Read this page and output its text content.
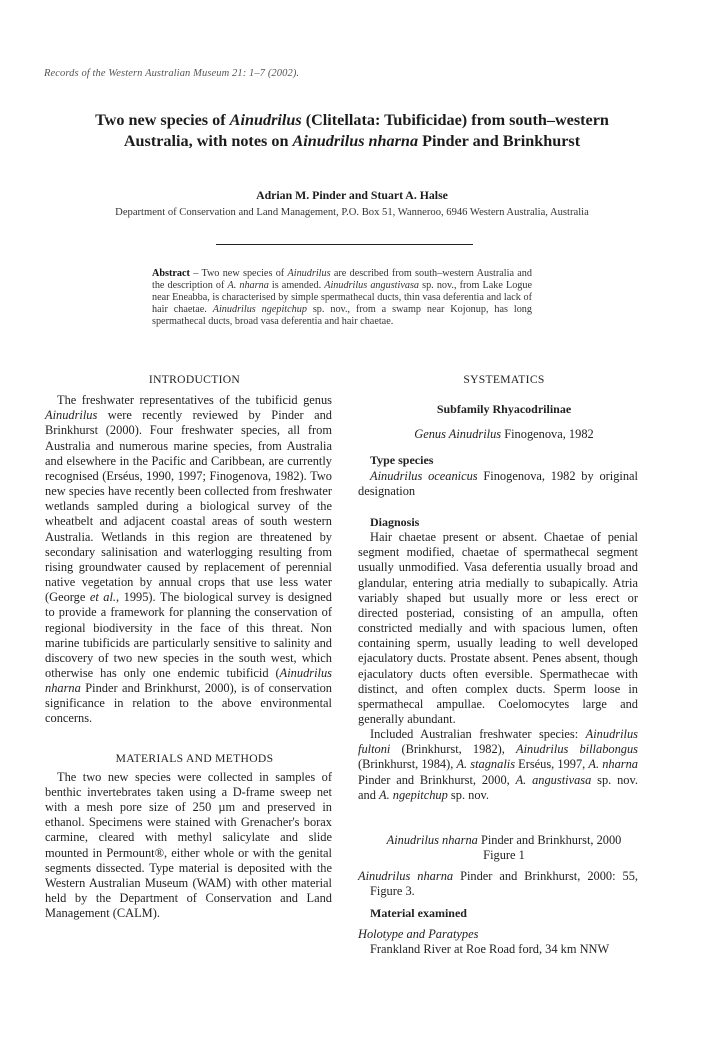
Records of the Western Australian Museum 21: 1–7 (2002).
Two new species of Ainudrilus (Clitellata: Tubificidae) from south–western
Australia, with notes on Ainudrilus nharna Pinder and Brinkhurst
Adrian M. Pinder and Stuart A. Halse
Department of Conservation and Land Management, P.O. Box 51, Wanneroo, 6946 Western Australia, Australia
Abstract – Two new species of Ainudrilus are described from south–western Australia and the description of A. nharna is amended. Ainudrilus angustivasa sp. nov., from Lake Logue near Eneabba, is characterised by simple spermathecal ducts, thin vasa deferentia and lack of hair chaetae. Ainudrilus ngepitchup sp. nov., from a swamp near Kojonup, has long spermathecal ducts, broad vasa deferentia and hair chaetae.

INTRODUCTION

The freshwater representatives of the tubificid genus Ainudrilus were recently reviewed by Pinder and Brinkhurst (2000). Four freshwater species, all from Australia and numerous marine species, from Australia and elsewhere in the Pacific and Caribbean, are currently recognised (Erséus, 1990, 1997; Finogenova, 1982). Two new species have recently been collected from freshwater wetlands sampled during a biological survey of the wheatbelt and adjacent coastal areas of south western Australia. Wetlands in this region are threatened by secondary salinisation and waterlogging resulting from rising groundwater caused by replacement of perennial native vegetation by annual crops that use less water (George et al., 1995). The biological survey is designed to provide a framework for planning the conservation of regional biodiversity in the face of this threat. Non marine tubificids are particularly sensitive to salinity and discovery of two new species in the south west, which otherwise has only one endemic tubificid (Ainudrilus nharna Pinder and Brinkhurst, 2000), is of conservation significance in relation to the above environmental concerns.

MATERIALS AND METHODS

The two new species were collected in samples of benthic invertebrates taken using a D-frame sweep net with a mesh pore size of 250 µm and preserved in ethanol. Specimens were stained with Grenacher's borax carmine, cleared with methyl salicylate and slide mounted in Permount®, either whole or with the genital segments dissected. Type material is deposited with the Western Australian Museum (WAM) with other material held by the Department of Conservation and Land Management (CALM).

SYSTEMATICS

Subfamily Rhyacodrilinae

Genus Ainudrilus Finogenova, 1982

Type species

Ainudrilus oceanicus Finogenova, 1982 by original designation

Diagnosis

Hair chaetae present or absent. Chaetae of penial segment modified, chaetae of spermathecal segment usually unmodified. Vasa deferentia usually broad and glandular, entering atria medially to subapically. Atria variably shaped but usually more or less erect or directed posteriad, consisting of an ampulla, often constricted medially and with spacious lumen, often containing sperm, usually leading to well developed ejaculatory ducts. Prostate absent. Penes absent, though ejaculatory ducts often eversible. Spermathecae with distinct, and often complex ducts. Sperm loose in spermathecal ampullae. Coelomocytes large and generally abundant.

Included Australian freshwater species: Ainudrilus fultoni (Brinkhurst, 1982), Ainudrilus billabongus (Brinkhurst, 1984), A. stagnalis Erséus, 1997, A. nharna Pinder and Brinkhurst, 2000, A. angustivasa sp. nov. and A. ngepitchup sp. nov.

Ainudrilus nharna Pinder and Brinkhurst, 2000

Figure 1

Ainudrilus nharna Pinder and Brinkhurst, 2000: 55, Figure 3.

Material examined

Holotype and Paratypes

Frankland River at Roe Road ford, 34 km NNW
